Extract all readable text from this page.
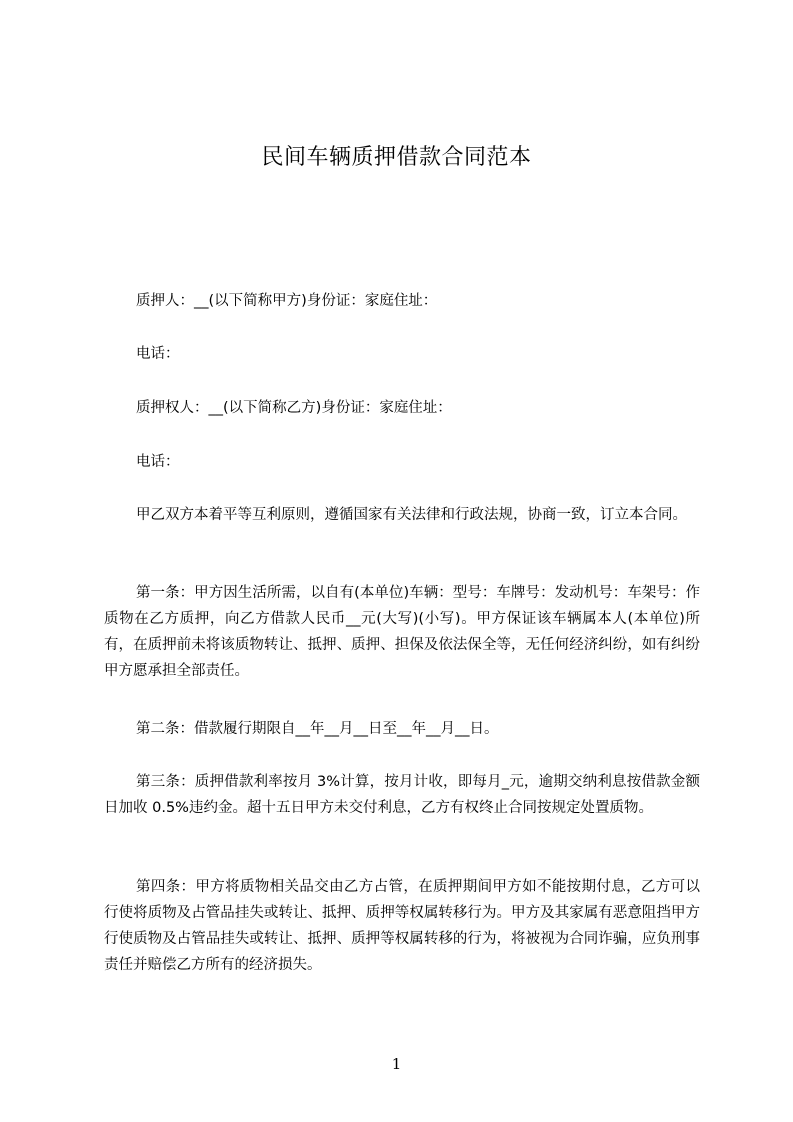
民间车辆质押借款合同范本

质押人：__(以下简称甲方)身份证：家庭住址：

电话：

质押权人：__(以下简称乙方)身份证：家庭住址：

电话：

甲乙双方本着平等互利原则，遵循国家有关法律和行政法规，协商一致，订立本合同。

第一条：甲方因生活所需，以自有(本单位)车辆：型号：车牌号：发动机号：车架号：作质物在乙方质押，向乙方借款人民币__元(大写)(小写)。甲方保证该车辆属本人(本单位)所有，在质押前未将该质物转让、抵押、质押、担保及依法保全等，无任何经济纠纷，如有纠纷甲方愿承担全部责任。

第二条：借款履行期限自__年__月__日至__年__月__日。

第三条：质押借款利率按月 3%计算，按月计收，即每月_元，逾期交纳利息按借款金额日加收 0.5%违约金。超十五日甲方未交付利息，乙方有权终止合同按规定处置质物。

第四条：甲方将质物相关品交由乙方占管，在质押期间甲方如不能按期付息，乙方可以行使将质物及占管品挂失或转让、抵押、质押等权属转移行为。甲方及其家属有恶意阻挡甲方行使质物及占管品挂失或转让、抵押、质押等权属转移的行为，将被视为合同诈骗，应负刑事责任并赔偿乙方所有的经济损失。

1
